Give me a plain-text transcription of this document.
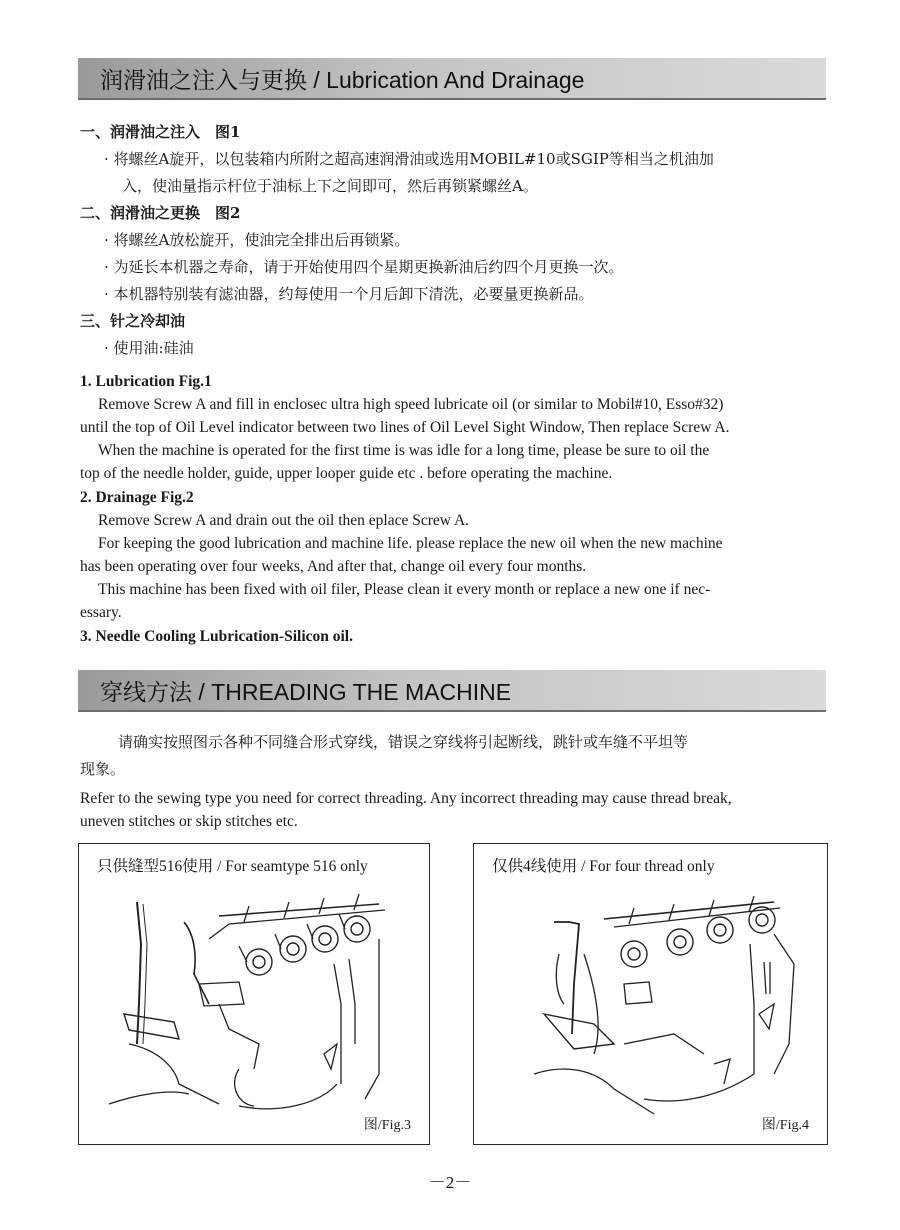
润滑油之注入与更换 / Lubrication And Drainage
一、润滑油之注入　图1
· 将螺丝A旋开，以包装箱内所附之超高速润滑油或选用MOBIL#10或SGIP等相当之机油加
入，使油量指示杆位于油标上下之间即可，然后再锁紧螺丝A。
二、润滑油之更换　图2
· 将螺丝A放松旋开，使油完全排出后再锁紧。
· 为延长本机器之寿命，请于开始使用四个星期更换新油后约四个月更换一次。
· 本机器特别装有滤油器，约每使用一个月后卸下清洗，必要量更换新品。
三、针之冷却油
· 使用油:硅油
1. Lubrication Fig.1
Remove Screw A and fill in enclosec ultra high speed lubricate oil (or similar to Mobil#10, Esso#32)
until the top of Oil Level indicator between two lines of Oil Level Sight Window, Then replace Screw A.
When the machine is operated for the first time is was idle for a long time, please be sure to oil the
top of the needle holder, guide, upper looper guide etc . before operating the machine.
2. Drainage Fig.2
Remove Screw A and drain out the oil then eplace Screw A.
For keeping the good lubrication and machine life. please replace the new oil when the new machine
has been operating over four weeks, And after that, change oil every four months.
This machine has been fixed with oil filer, Please clean it every month or replace a new one if nec-
essary.
3. Needle Cooling Lubrication-Silicon oil.
穿线方法 / THREADING THE MACHINE
请确实按照图示各种不同缝合形式穿线，错误之穿线将引起断线，跳针或车缝不平坦等
现象。
Refer to the sewing type you need for correct threading. Any incorrect threading may cause thread break,
uneven stitches or skip stitches etc.
只供缝型516使用 / For seamtype 516 only
图/Fig.3
仅供4线使用 / For four thread only
图/Fig.4
－2－
